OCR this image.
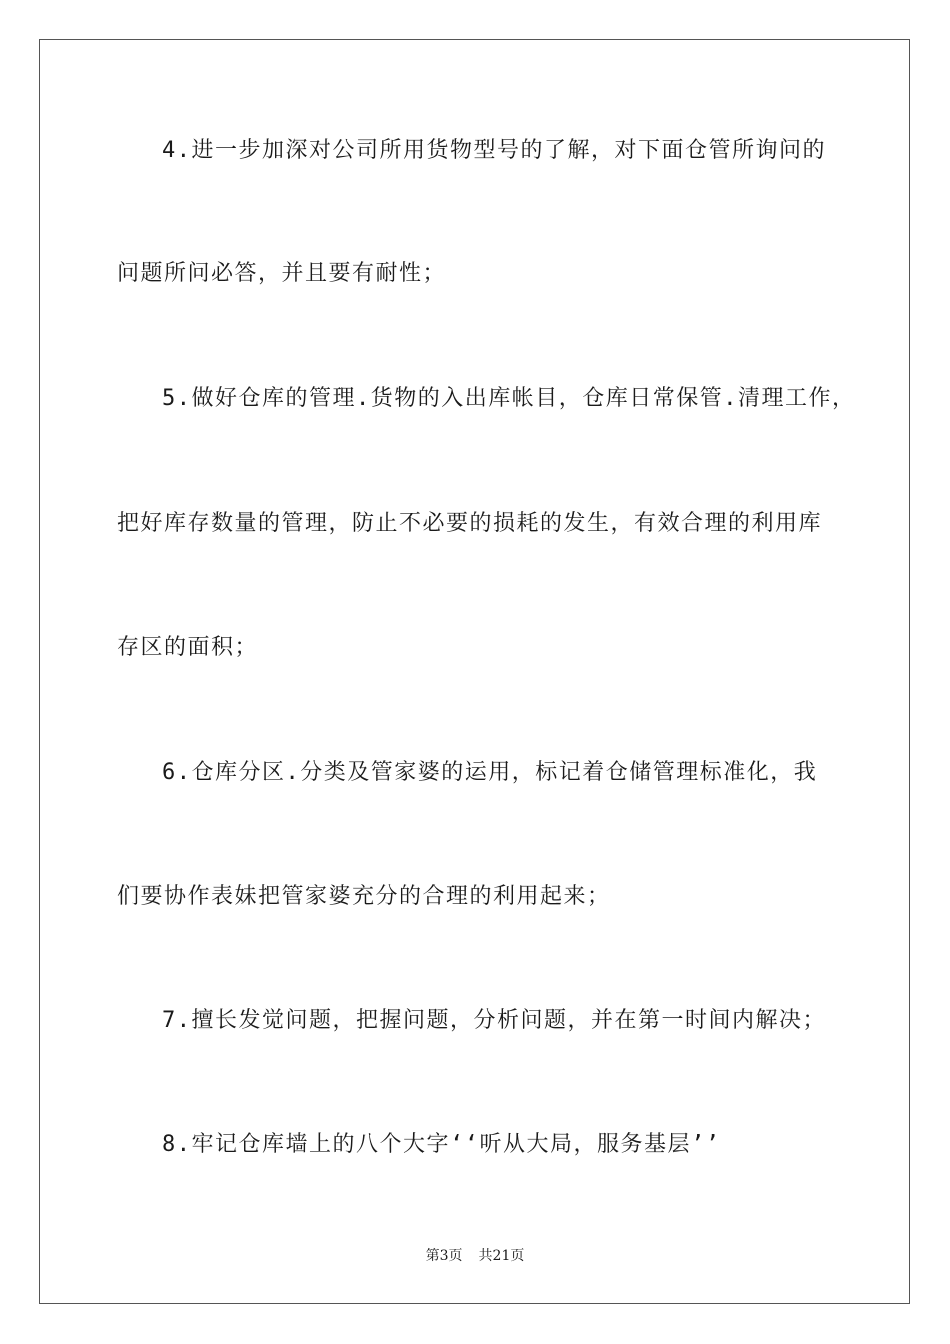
4.进一步加深对公司所用货物型号的了解，对下面仓管所询问的
问题所问必答，并且要有耐性；
5.做好仓库的管理.货物的入出库帐目，仓库日常保管.清理工作，
把好库存数量的管理，防止不必要的损耗的发生，有效合理的利用库
存区的面积；
6.仓库分区.分类及管家婆的运用，标记着仓储管理标准化，我
们要协作表妹把管家婆充分的合理的利用起来；
7.擅长发觉问题，把握问题，分析问题，并在第一时间内解决；
8.牢记仓库墙上的八个大字‘‘听从大局，服务基层’’
第3页 共21页
